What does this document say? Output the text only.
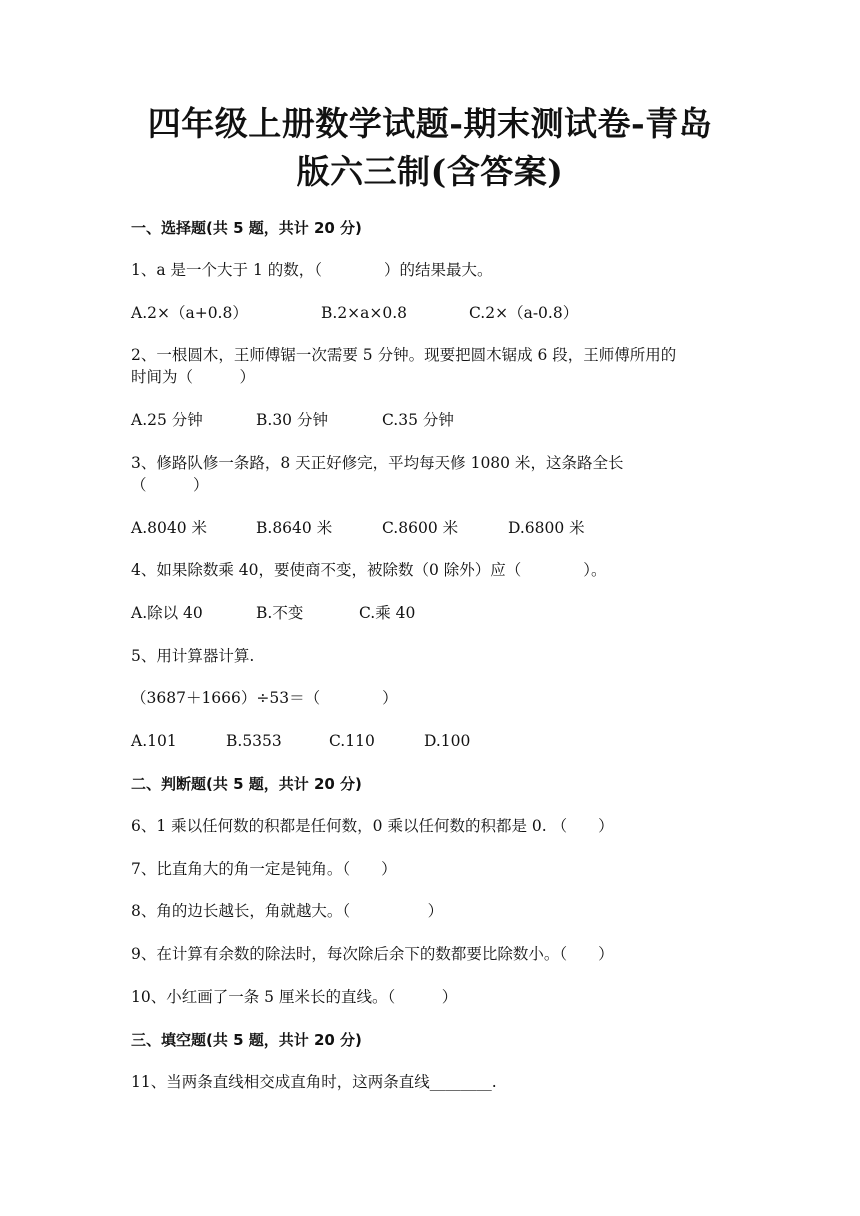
四年级上册数学试题-期末测试卷-青岛
版六三制(含答案)
一、选择题(共 5 题，共计 20 分)
1、a 是一个大于 1 的数，（　　　　）的结果最大。
A.2×（a+0.8）	B.2×a×0.8	C.2×（a-0.8）
2、一根圆木，王师傅锯一次需要 5 分钟。现要把圆木锯成 6 段，王师傅所用的
时间为（　　　）
A.25 分钟	B.30 分钟	C.35 分钟
3、修路队修一条路，8 天正好修完，平均每天修 1080 米，这条路全长
（　　　）
A.8040 米	B.8640 米	C.8600 米	D.6800 米
4、如果除数乘 40，要使商不变，被除数（0 除外）应（　　　　）。
A.除以 40	B.不变	C.乘 40
5、用计算器计算.
（3687＋1666）÷53＝（　　　　）
A.101	B.5353	C.110	D.100
二、判断题(共 5 题，共计 20 分)
6、1 乘以任何数的积都是任何数，0 乘以任何数的积都是 0. （　　）
7、比直角大的角一定是钝角。（　　）
8、角的边长越长，角就越大。（　　　　　）
9、在计算有余数的除法时，每次除后余下的数都要比除数小。（　　）
10、小红画了一条 5 厘米长的直线。（　　　）
三、填空题(共 5 题，共计 20 分)
11、当两条直线相交成直角时，这两条直线________.
